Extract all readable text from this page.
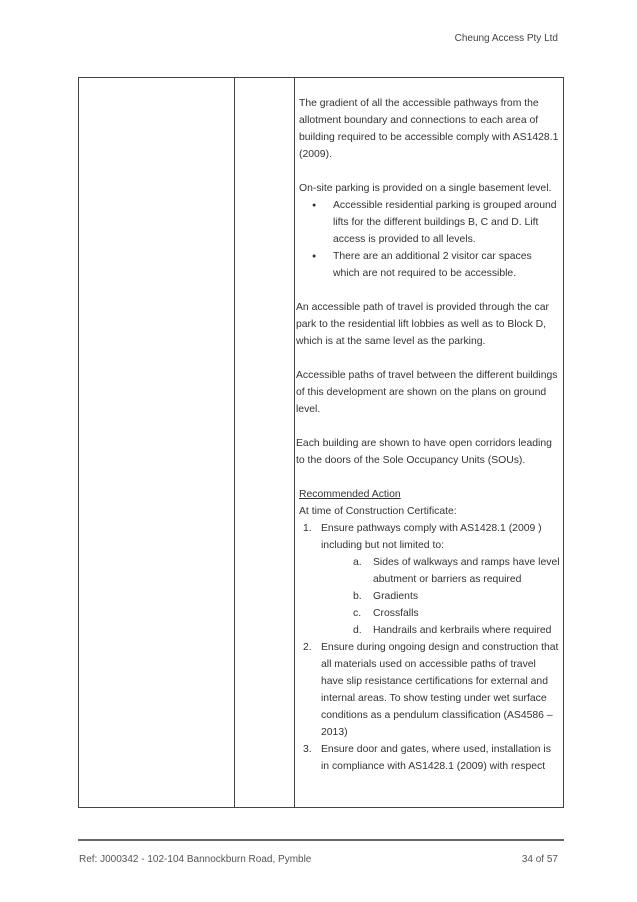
Cheung Access Pty Ltd

The gradient of all the accessible pathways from the allotment boundary and connections to each area of building required to be accessible comply with AS1428.1 (2009).

On-site parking is provided on a single basement level.

● Accessible residential parking is grouped around lifts for the different buildings B, C and D. Lift access is provided to all levels.
● There are an additional 2 visitor car spaces which are not required to be accessible.

An accessible path of travel is provided through the car park to the residential lift lobbies as well as to Block D, which is at the same level as the parking.

Accessible paths of travel between the different buildings of this development are shown on the plans on ground level.

Each building are shown to have open corridors leading to the doors of the Sole Occupancy Units (SOUs).

Recommended Action

At time of Construction Certificate:

1. Ensure pathways comply with AS1428.1 (2009 ) including but not limited to:
a. Sides of walkways and ramps have level abutment or barriers as required
b. Gradients
c. Crossfalls
d. Handrails and kerbrails where required
2. Ensure during ongoing design and construction that all materials used on accessible paths of travel have slip resistance certifications for external and internal areas. To show testing under wet surface conditions as a pendulum classification (AS4586 – 2013)
3. Ensure door and gates, where used, installation is in compliance with AS1428.1 (2009) with respect
Ref: J000342 - 102-104 Bannockburn Road, Pymble	34 of 57
